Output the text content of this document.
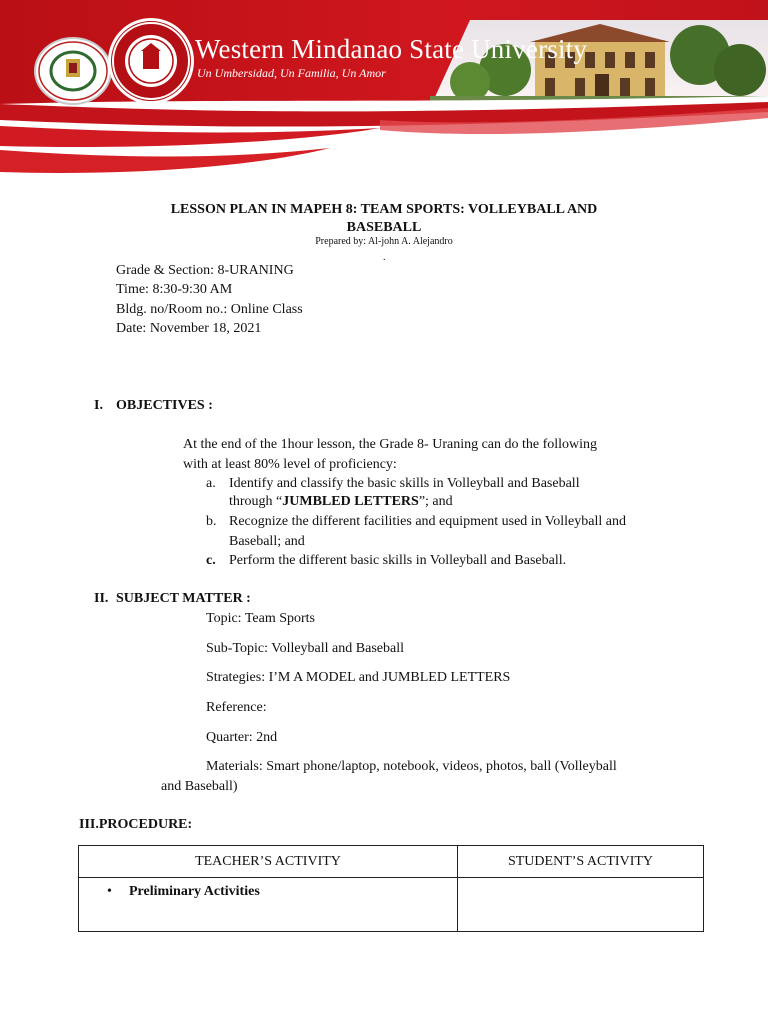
Western Mindanao State University
Un Umbersidad, Un Familia, Un Amor
LESSON PLAN IN MAPEH 8: TEAM SPORTS: VOLLEYBALL AND
BASEBALL
Prepared by: Al-john A. Alejandro
.
Grade & Section: 8-URANING
Time: 8:30-9:30 AM
Bldg. no/Room no.: Online Class
Date: November 18, 2021
I. OBJECTIVES :
At the end of the 1hour lesson, the Grade 8- Uraning can do the following
with at least 80% level of proficiency:
a. Identify and classify the basic skills in Volleyball and Baseball
through “JUMBLED LETTERS”; and
b. Recognize the different facilities and equipment used in Volleyball and
Baseball; and
c. Perform the different basic skills in Volleyball and Baseball.
II. SUBJECT MATTER :
Topic: Team Sports
Sub-Topic: Volleyball and Baseball
Strategies: I’M A MODEL and JUMBLED LETTERS
Reference:
Quarter: 2nd
Materials: Smart phone/laptop, notebook, videos, photos, ball (Volleyball
and Baseball)
III.PROCEDURE:
TEACHER’S ACTIVITY	STUDENT’S ACTIVITY
• Preliminary Activities	
